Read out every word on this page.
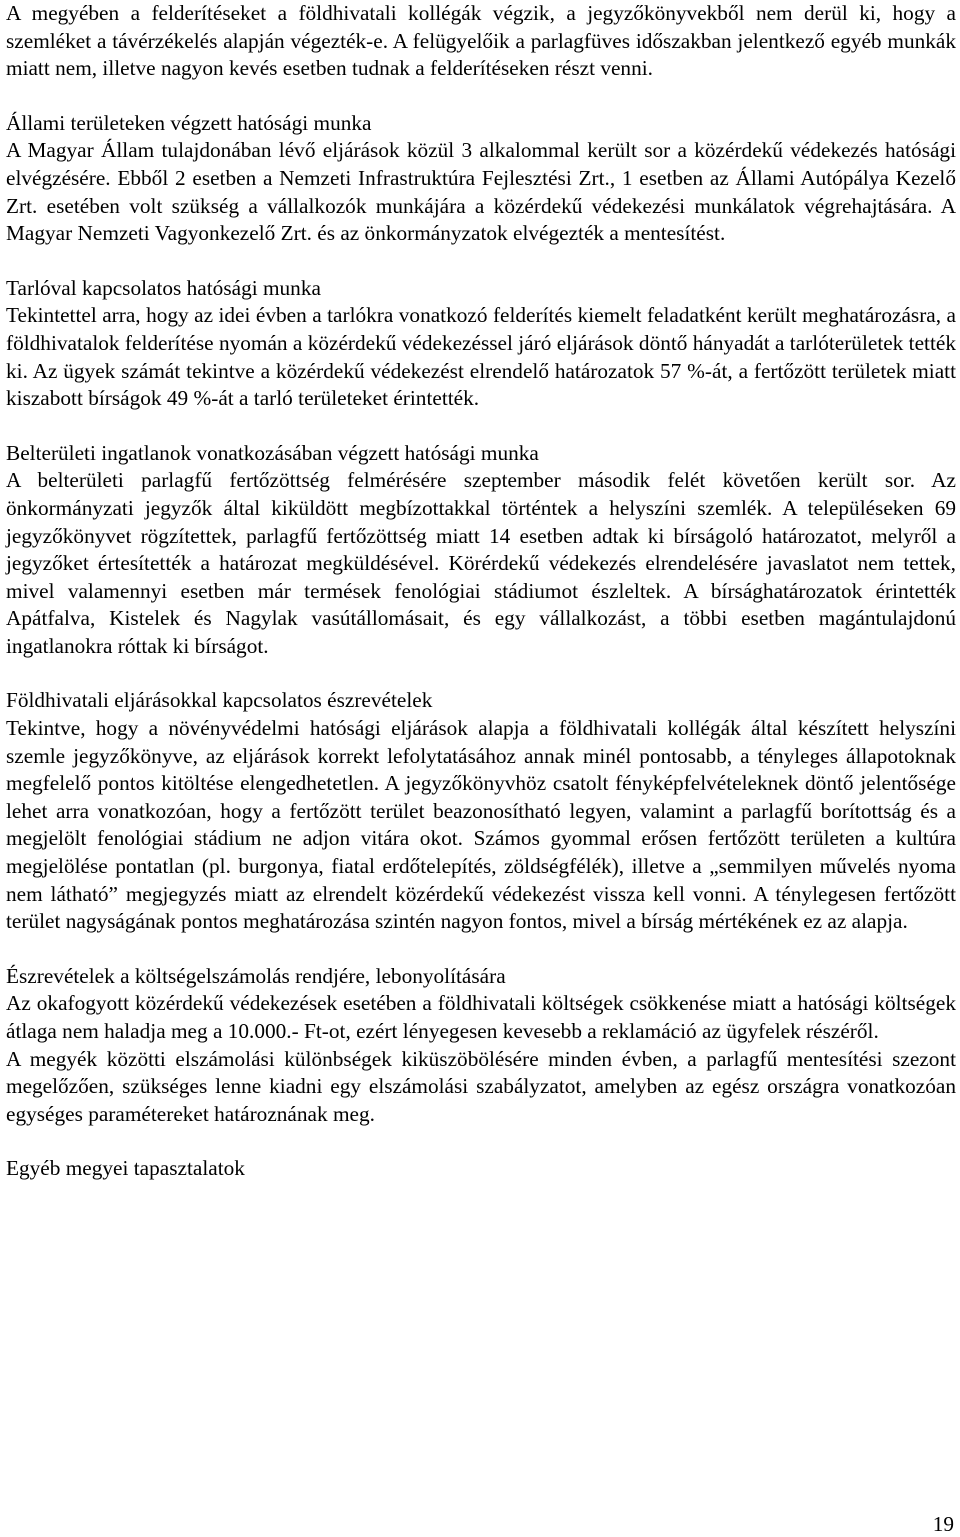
A megyében a felderítéseket a földhivatali kollégák végzik, a jegyzőkönyvekből nem derül ki, hogy a szemléket a távérzékelés alapján végezték-e. A felügyelőik a parlagfüves időszakban jelentkező egyéb munkák miatt nem, illetve nagyon kevés esetben tudnak a felderítéseken részt venni.

Állami területeken végzett hatósági munka

A Magyar Állam tulajdonában lévő eljárások közül 3 alkalommal került sor a közérdekű védekezés hatósági elvégzésére. Ebből 2 esetben a Nemzeti Infrastruktúra Fejlesztési Zrt., 1 esetben az Állami Autópálya Kezelő Zrt. esetében volt szükség a vállalkozók munkájára a közérdekű védekezési munkálatok végrehajtására. A Magyar Nemzeti Vagyonkezelő Zrt. és az önkormányzatok elvégezték a mentesítést.

Tarlóval kapcsolatos hatósági munka

Tekintettel arra, hogy az idei évben a tarlókra vonatkozó felderítés kiemelt feladatként került meghatározásra, a földhivatalok felderítése nyomán a közérdekű védekezéssel járó eljárások döntő hányadát a tarlóterületek tették ki. Az ügyek számát tekintve a közérdekű védekezést elrendelő határozatok 57 %-át, a fertőzött területek miatt kiszabott bírságok 49 %-át a tarló területeket érintették.

Belterületi ingatlanok vonatkozásában végzett hatósági munka

A belterületi parlagfű fertőzöttség felmérésére szeptember második felét követően került sor. Az önkormányzati jegyzők által kiküldött megbízottakkal történtek a helyszíni szemlék. A településeken 69 jegyzőkönyvet rögzítettek, parlagfű fertőzöttség miatt 14 esetben adtak ki bírságoló határozatot, melyről a jegyzőket értesítették a határozat megküldésével. Körérdekű védekezés elrendelésére javaslatot nem tettek, mivel valamennyi esetben már termések fenológiai stádiumot észleltek. A bírsághatározatok érintették Apátfalva, Kistelek és Nagylak vasútállomásait, és egy vállalkozást, a többi esetben magántulajdonú ingatlanokra róttak ki bírságot.

Földhivatali eljárásokkal kapcsolatos észrevételek

Tekintve, hogy a növényvédelmi hatósági eljárások alapja a földhivatali kollégák által készített helyszíni szemle jegyzőkönyve, az eljárások korrekt lefolytatásához annak minél pontosabb, a tényleges állapotoknak megfelelő pontos kitöltése elengedhetetlen. A jegyzőkönyvhöz csatolt fényképfelvételeknek döntő jelentősége lehet arra vonatkozóan, hogy a fertőzött terület beazonosítható legyen, valamint a parlagfű borítottság és a megjelölt fenológiai stádium ne adjon vitára okot. Számos gyommal erősen fertőzött területen a kultúra megjelölése pontatlan (pl. burgonya, fiatal erdőtelepítés, zöldségfélék), illetve a „semmilyen művelés nyoma nem látható” megjegyzés miatt az elrendelt közérdekű védekezést vissza kell vonni. A ténylegesen fertőzött terület nagyságának pontos meghatározása szintén nagyon fontos, mivel a bírság mértékének ez az alapja.

Észrevételek a költségelszámolás rendjére, lebonyolítására

Az okafogyott közérdekű védekezések esetében a földhivatali költségek csökkenése miatt a hatósági költségek átlaga nem haladja meg a 10.000.- Ft-ot, ezért lényegesen kevesebb a reklamáció az ügyfelek részéről.

A megyék közötti elszámolási különbségek kiküszöbölésére minden évben, a parlagfű mentesítési szezont megelőzően, szükséges lenne kiadni egy elszámolási szabályzatot, amelyben az egész országra vonatkozóan egységes paramétereket határoznának meg.

Egyéb megyei tapasztalatok

19
